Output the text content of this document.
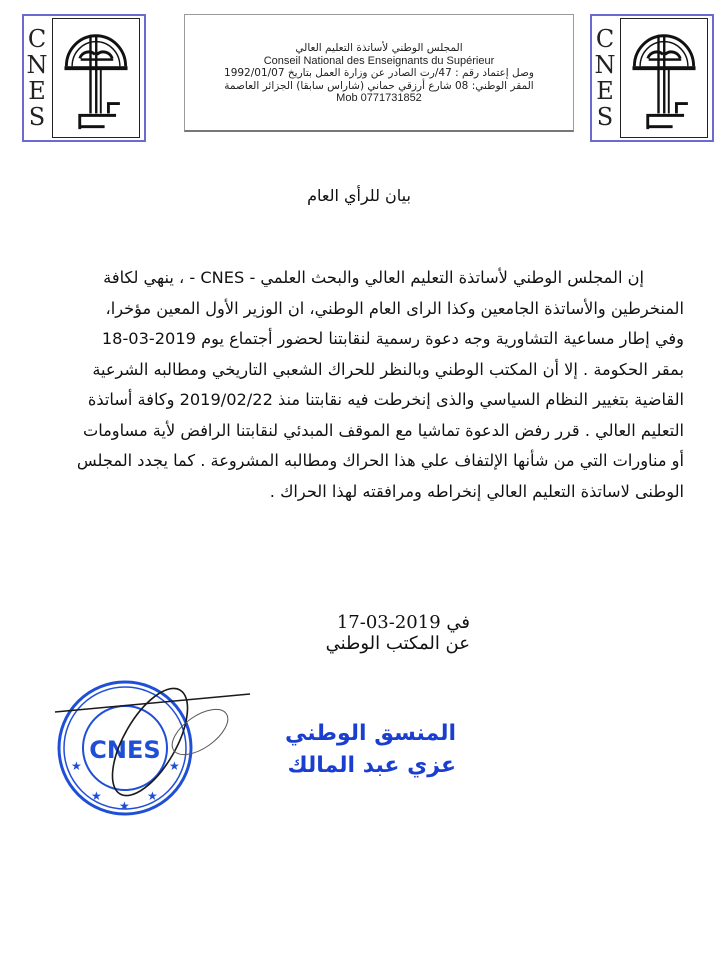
C
N
E
S
المجلس الوطني لأساتذة التعليم العالي
Conseil National des Enseignants du Supérieur
وصل إعتماد رقم : 47/رت الصادر عن وزارة العمل بتاريخ 1992/01/07
المقر الوطني: 08 شارع أرزقي حماني (شاراس سابقا) الجزائر العاصمة
Mob 0771731852
C
N
E
S
بيان للرأي العام
إن المجلس الوطني لأساتذة التعليم العالي والبحث العلمي - CNES - ، ينهي لكافة
المنخرطين والأساتذة الجامعين وكذا الراى العام الوطني، ان الوزير الأول المعين مؤخرا،
وفي إطار مساعية التشاورية وجه دعوة رسمية لنقابتنا لحضور أجتماع يوم 2019-03-18
بمقر الحكومة . إلا أن المكتب الوطني وبالنظر للحراك الشعبي التاريخي ومطالبه الشرعية
القاضية بتغيير النظام السياسي والذى إنخرطت فيه نقابتنا منذ 2019/02/22 وكافة أساتذة
التعليم العالي . قرر رفض الدعوة تماشيا مع الموقف المبدئي لنقابتنا الرافض لأية مساومات
أو مناورات التي من شأنها الإلتفاف علي هذا الحراك ومطالبه المشروعة . كما يجدد المجلس
الوطنى لاساتذة التعليم العالي إنخراطه ومرافقته لهذا الحراك .
في 2019-03-17
عن المكتب الوطني
CNES
★
★
★
★
★
المنسق الوطني
عزي عبد المالك
